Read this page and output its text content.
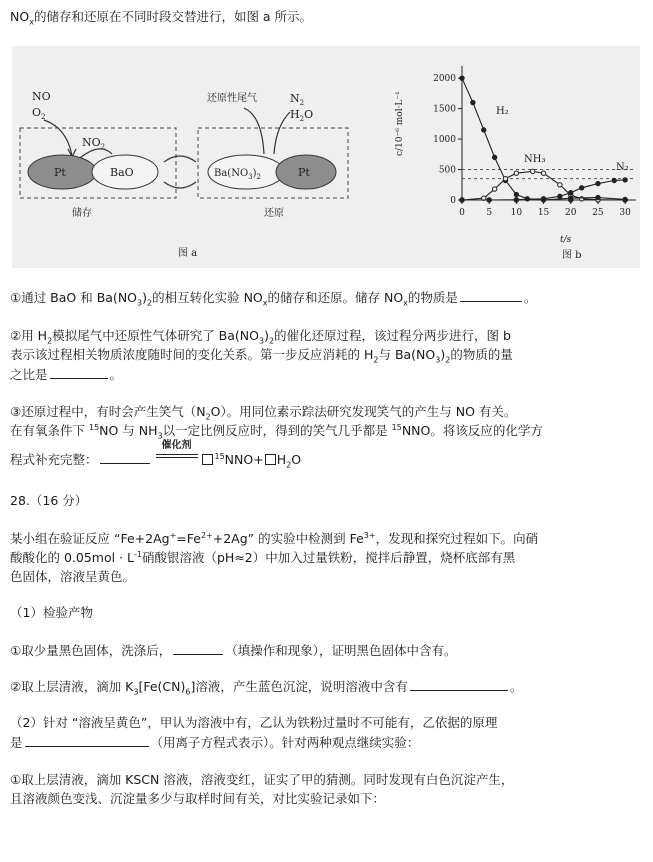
$NO_x$的储存和还原在不同时段交替进行，如图 a 所示。
NO
$O_2$
$NO_2$
Pt	BaO
储存
还原性尾气	$N_2$
$H_2O$
$Ba(NO_3)_2$	Pt
还原
图 a
c/10⁻⁶ mol·L⁻¹
t/s
图 b
0
500
1000
1500
2000
0 5 10 15 20 25 30
H₂
NH₃
N₂
①通过 BaO 和 $Ba(NO_3)_2$的相互转化实验 $NO_x$的储存和还原。储存 $NO_x$的物质是	。
②用 $H_2$模拟尾气中还原性气体研究了 $Ba(NO_3)_2$的催化还原过程，该过程分两步进行，图 b
表示该过程相关物质浓度随时间的变化关系。第一步反应消耗的 $H_2$与 $Ba(NO_3)_2$的物质的量
之比是	。
③还原过程中，有时会产生笑气$(N_2O)$。用同位素示踪法研究发现笑气的产生与 NO 有关。
在有氧条件下 $^{15}$NO 与 $NH_3$以一定比例反应时，得到的笑气几乎都是 $^{15}$NNO。将该反应的化学方
程式补充完整：
催化剂
$^{15}NNO+ H_2O$
28.（16 分）
某小组在验证反应 “$Fe+2Ag^+=Fe^{2+}+2Ag$” 的实验中检测到 $Fe^{3+}$，发现和探究过程如下。向硝
酸酸化的 $0.05mol \cdot L^{-1}$硝酸银溶液（pH≈2）中加入过量铁粉，搅拌后静置，烧杯底部有黑
色固体，溶液呈黄色。
（1）检验产物
①取少量黑色固体，洗涤后，	（填操作和现象），证明黑色固体中含有。
②取上层清液，滴加 $K_3[Fe(CN)_6]$溶液，产生蓝色沉淀，说明溶液中含有	。
（2）针对 “溶液呈黄色”，甲认为溶液中有，乙认为铁粉过量时不可能有，乙依据的原理
是	（用离子方程式表示）。针对两种观点继续实验：
①取上层清液，滴加 KSCN 溶液，溶液变红，证实了甲的猜测。同时发现有白色沉淀产生，
且溶液颜色变浅、沉淀量多少与取样时间有关，对比实验记录如下：
